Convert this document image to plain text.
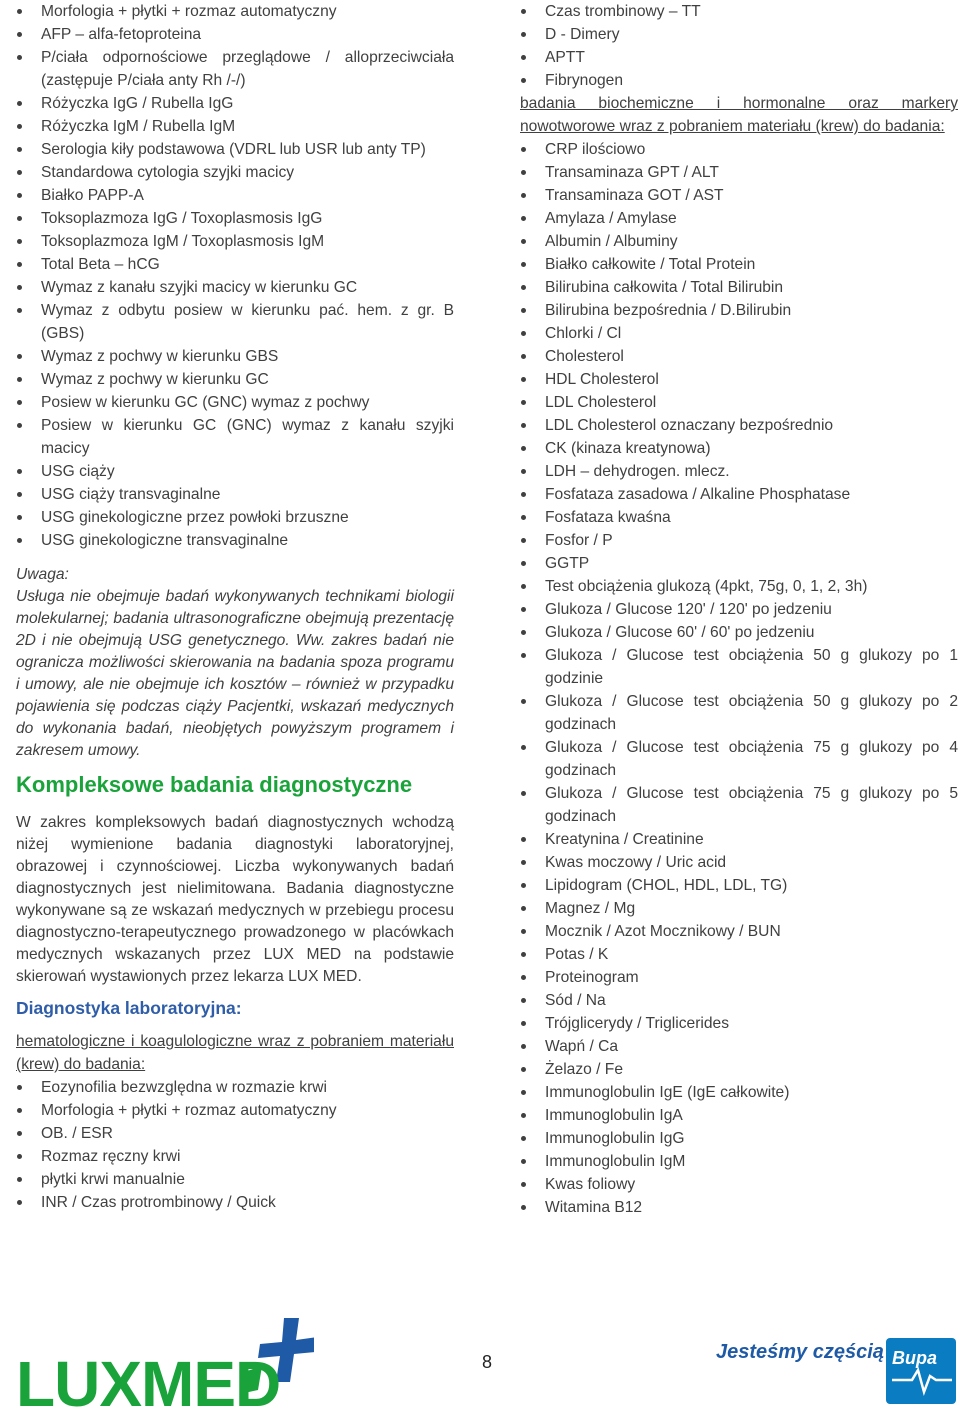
Morfologia + płytki + rozmaz automatyczny
AFP – alfa-fetoproteina
P/ciała odpornościowe przeglądowe / alloprzeciwciała (zastępuje P/ciała anty Rh /-/)
Różyczka IgG / Rubella IgG
Różyczka IgM / Rubella IgM
Serologia kiły podstawowa (VDRL lub USR lub anty TP)
Standardowa cytologia szyjki macicy
Białko PAPP-A
Toksoplazmoza IgG / Toxoplasmosis IgG
Toksoplazmoza IgM / Toxoplasmosis IgM
Total Beta – hCG
Wymaz z kanału szyjki macicy w kierunku GC
Wymaz z odbytu posiew w kierunku pać. hem. z gr. B (GBS)
Wymaz z pochwy w kierunku GBS
Wymaz z pochwy w kierunku GC
Posiew w kierunku GC (GNC) wymaz z pochwy
Posiew w kierunku GC (GNC) wymaz z kanału szyjki macicy
USG ciąży
USG ciąży transvaginalne
USG ginekologiczne przez powłoki brzuszne
USG ginekologiczne transvaginalne
Uwaga:

Usługa nie obejmuje badań wykonywanych technikami biologii molekularnej; badania ultrasonograficzne obejmują prezentację 2D i nie obejmują USG genetycznego. Ww. zakres badań nie ogranicza możliwości skierowania na badania spoza programu i umowy, ale nie obejmuje ich kosztów – również w przypadku pojawienia się podczas ciąży Pacjentki, wskazań medycznych do wykonania badań, nieobjętych powyższym programem i zakresem umowy.

Kompleksowe badania diagnostyczne

W zakres kompleksowych badań diagnostycznych wchodzą niżej wymienione badania diagnostyki laboratoryjnej, obrazowej i czynnościowej. Liczba wykonywanych badań diagnostycznych jest nielimitowana. Badania diagnostyczne wykonywane są ze wskazań medycznych w przebiegu procesu diagnostyczno-terapeutycznego prowadzonego w placówkach medycznych wskazanych przez LUX MED na podstawie skierowań wystawionych przez lekarza LUX MED.

Diagnostyka laboratoryjna:

hematologiczne i koagulologiczne wraz z pobraniem materiału (krew) do badania:

Eozynofilia bezwzględna w rozmazie krwi
Morfologia + płytki + rozmaz automatyczny
OB. / ESR
Rozmaz ręczny krwi
płytki krwi manualnie
INR / Czas protrombinowy / Quick
Czas trombinowy – TT
D - Dimery
APTT
Fibrynogen

badania biochemiczne i hormonalne oraz markery nowotworowe wraz z pobraniem materiału (krew) do badania:

CRP ilościowo
Transaminaza GPT / ALT
Transaminaza GOT / AST
Amylaza / Amylase
Albumin / Albuminy
Białko całkowite / Total Protein
Bilirubina całkowita / Total Bilirubin
Bilirubina bezpośrednia / D.Bilirubin
Chlorki / Cl
Cholesterol
HDL Cholesterol
LDL Cholesterol
LDL Cholesterol oznaczany bezpośrednio
CK (kinaza kreatynowa)
LDH – dehydrogen. mlecz.
Fosfataza zasadowa / Alkaline Phosphatase
Fosfataza kwaśna
Fosfor / P
GGTP
Test obciążenia glukozą (4pkt, 75g, 0, 1, 2, 3h)
Glukoza / Glucose 120' / 120' po jedzeniu
Glukoza / Glucose 60' / 60' po jedzeniu
Glukoza / Glucose test obciążenia 50 g glukozy po 1 godzinie
Glukoza / Glucose test obciążenia 50 g glukozy po 2 godzinach
Glukoza / Glucose test obciążenia 75 g glukozy po 4 godzinach
Glukoza / Glucose test obciążenia 75 g glukozy po 5 godzinach
Kreatynina / Creatinine
Kwas moczowy / Uric acid
Lipidogram (CHOL, HDL, LDL, TG)
Magnez / Mg
Mocznik / Azot Mocznikowy / BUN
Potas / K
Proteinogram
Sód / Na
Trójglicerydy / Triglicerides
Wapń / Ca
Żelazo / Fe
Immunoglobulin IgE (IgE całkowite)
Immunoglobulin IgA
Immunoglobulin IgG
Immunoglobulin IgM
Kwas foliowy
Witamina B12
LUXMED	8	Jesteśmy częścią Bupa
